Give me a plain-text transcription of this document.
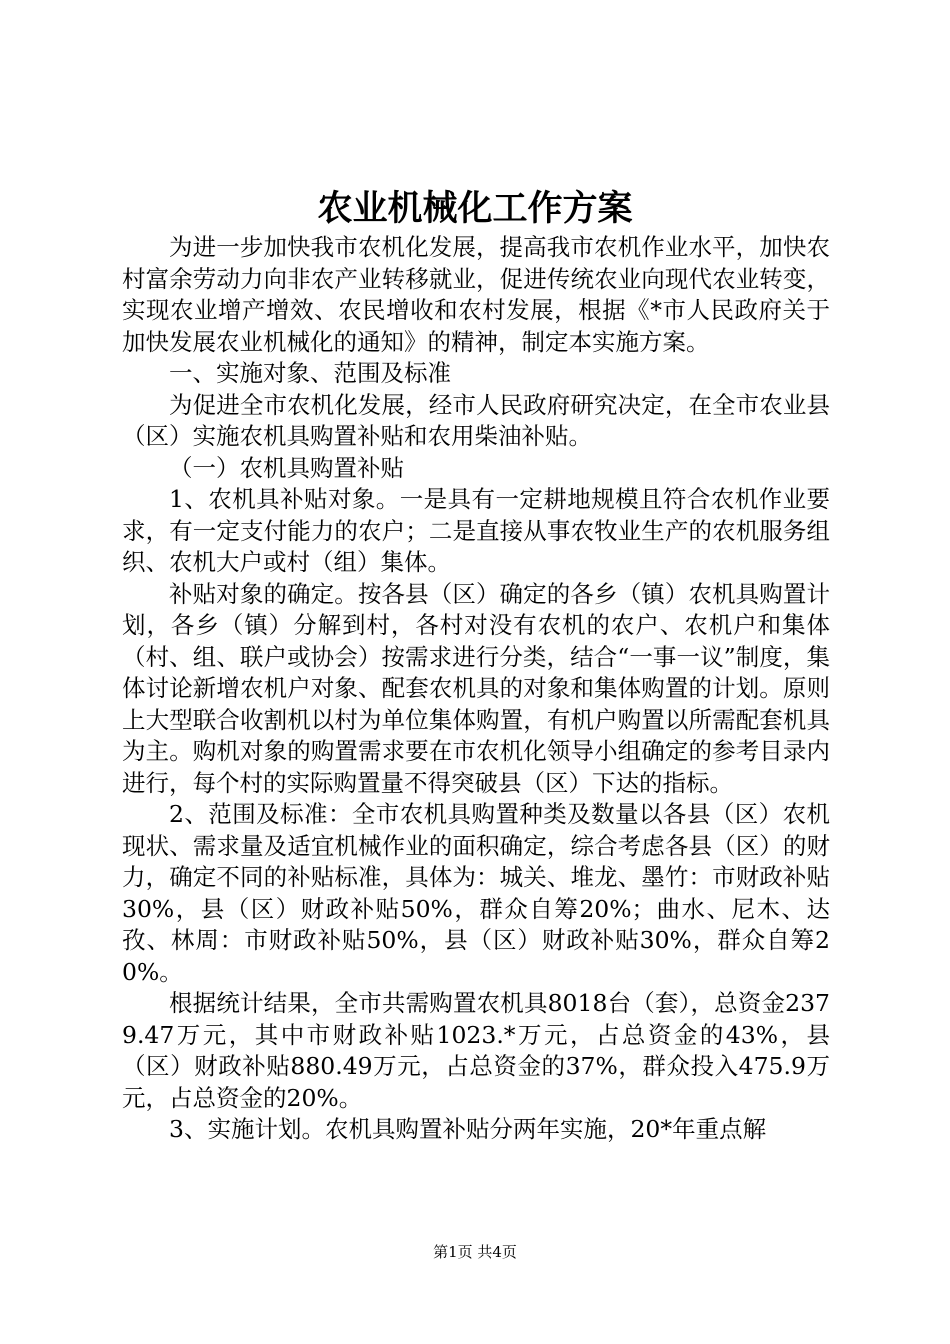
农业机械化工作方案

为进一步加快我市农机化发展，提高我市农机作业水平，加快农村富余劳动力向非农产业转移就业，促进传统农业向现代农业转变，实现农业增产增效、农民增收和农村发展，根据《*市人民政府关于加快发展农业机械化的通知》的精神，制定本实施方案。

一、实施对象、范围及标准

为促进全市农机化发展，经市人民政府研究决定，在全市农业县（区）实施农机具购置补贴和农用柴油补贴。

（一）农机具购置补贴

1、农机具补贴对象。一是具有一定耕地规模且符合农机作业要求，有一定支付能力的农户；二是直接从事农牧业生产的农机服务组织、农机大户或村（组）集体。

补贴对象的确定。按各县（区）确定的各乡（镇）农机具购置计划，各乡（镇）分解到村，各村对没有农机的农户、农机户和集体（村、组、联户或协会）按需求进行分类，结合“一事一议”制度，集体讨论新增农机户对象、配套农机具的对象和集体购置的计划。原则上大型联合收割机以村为单位集体购置，有机户购置以所需配套机具为主。购机对象的购置需求要在市农机化领导小组确定的参考目录内进行，每个村的实际购置量不得突破县（区）下达的指标。

2、范围及标准：全市农机具购置种类及数量以各县（区）农机现状、需求量及适宜机械作业的面积确定，综合考虑各县（区）的财力，确定不同的补贴标准，具体为：城关、堆龙、墨竹：市财政补贴30%，县（区）财政补贴50%，群众自筹20%；曲水、尼木、达孜、林周：市财政补贴50%，县（区）财政补贴30%，群众自筹20%。

根据统计结果，全市共需购置农机具8018台（套），总资金2379.47万元，其中市财政补贴1023.*万元，占总资金的43%，县（区）财政补贴880.49万元，占总资金的37%，群众投入475.9万元，占总资金的20%。

3、实施计划。农机具购置补贴分两年实施，20*年重点解

第1页 共4页
